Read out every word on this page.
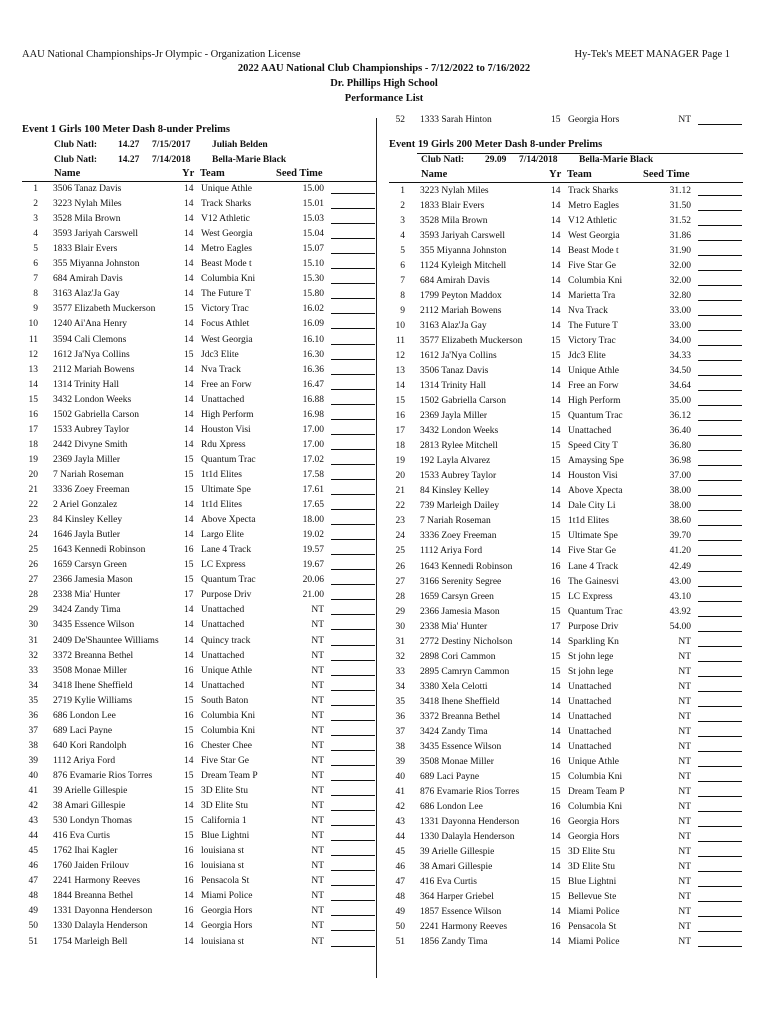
AAU National Championships-Jr Olympic - Organization License	Hy-Tek's MEET MANAGER Page 1
2022 AAU National Club Championships - 7/12/2022 to 7/16/2022
Dr. Phillips High School
Performance List
Event 1 Girls 100 Meter Dash 8-under Prelims
Club Natl: 14.27 7/15/2017 Juliah Belden
Club Natl: 14.27 7/14/2018 Bella-Marie Black
Name	Yr Team	Seed Time
1 3506 Tanaz Davis	14 Unique Athle	15.00
2 3223 Nylah Miles	14 Track Sharks	15.01
3 3528 Mila Brown	14 V12 Athletic	15.03
4 3593 Jariyah Carswell	14 West Georgia	15.04
5 1833 Blair Evers	14 Metro Eagles	15.07
6 355 Miyanna Johnston	14 Beast Mode t	15.10
7 684 Amirah Davis	14 Columbia Kni	15.30
8 3163 Alaz'Ja Gay	14 The Future T	15.80
9 3577 Elizabeth Muckerson	15 Victory Trac	16.02
10 1240 Ai'Ana Henry	14 Focus Athlet	16.09
11 3594 Cali Clemons	14 West Georgia	16.10
12 1612 Ja'Nya Collins	15 Jdc3 Elite	16.30
13 2112 Mariah Bowens	14 Nva Track	16.36
14 1314 Trinity Hall	14 Free an Forw	16.47
15 3432 London Weeks	14 Unattached	16.88
16 1502 Gabriella Carson	14 High Perform	16.98
17 1533 Aubrey Taylor	14 Houston Visi	17.00
18 2442 Divyne Smith	14 Rdu Xpress	17.00
19 2369 Jayla Miller	15 Quantum Trac	17.02
20 7 Nariah Roseman	15 1t1d Elites	17.58
21 3336 Zoey Freeman	15 Ultimate Spe	17.61
22 2 Ariel Gonzalez	14 1t1d Elites	17.65
23 84 Kinsley Kelley	14 Above Xpecta	18.00
24 1646 Jayla Butler	14 Largo Elite	19.02
25 1643 Kennedi Robinson	16 Lane 4 Track	19.57
26 1659 Carsyn Green	15 LC Express	19.67
27 2366 Jamesia Mason	15 Quantum Trac	20.06
28 2338 Mia' Hunter	17 Purpose Driv	21.00
29 3424 Zandy Tima	14 Unattached	NT
30 3435 Essence Wilson	14 Unattached	NT
31 2409 De'Shauntee Williams	14 Quincy track	NT
32 3372 Breanna Bethel	14 Unattached	NT
33 3508 Monae Miller	16 Unique Athle	NT
34 3418 Ihene Sheffield	14 Unattached	NT
35 2719 Kylie Williams	15 South Baton	NT
36 686 London Lee	16 Columbia Kni	NT
37 689 Laci Payne	15 Columbia Kni	NT
38 640 Kori Randolph	16 Chester Chee	NT
39 1112 Ariya Ford	14 Five Star Ge	NT
40 876 Evamarie Rios Torres	15 Dream Team P	NT
41 39 Arielle Gillespie	15 3D Elite Stu	NT
42 38 Amari Gillespie	14 3D Elite Stu	NT
43 530 Londyn Thomas	15 California 1	NT
44 416 Eva Curtis	15 Blue Lightni	NT
45 1762 Ihai Kagler	16 louisiana st	NT
46 1760 Jaiden Frilouv	16 louisiana st	NT
47 2241 Harmony Reeves	16 Pensacola St	NT
48 1844 Breanna Bethel	14 Miami Police	NT
49 1331 Dayonna Henderson	16 Georgia Hors	NT
50 1330 Dalayla Henderson	14 Georgia Hors	NT
51 1754 Marleigh Bell	14 louisiana st	NT
52 1333 Sarah Hinton	15 Georgia Hors	NT
Event 19 Girls 200 Meter Dash 8-under Prelims
Club Natl: 29.09 7/14/2018 Bella-Marie Black
Name	Yr Team	Seed Time
1 3223 Nylah Miles	14 Track Sharks	31.12
2 1833 Blair Evers	14 Metro Eagles	31.50
3 3528 Mila Brown	14 V12 Athletic	31.52
4 3593 Jariyah Carswell	14 West Georgia	31.86
5 355 Miyanna Johnston	14 Beast Mode t	31.90
6 1124 Kyleigh Mitchell	14 Five Star Ge	32.00
7 684 Amirah Davis	14 Columbia Kni	32.00
8 1799 Peyton Maddox	14 Marietta Tra	32.80
9 2112 Mariah Bowens	14 Nva Track	33.00
10 3163 Alaz'Ja Gay	14 The Future T	33.00
11 3577 Elizabeth Muckerson	15 Victory Trac	34.00
12 1612 Ja'Nya Collins	15 Jdc3 Elite	34.33
13 3506 Tanaz Davis	14 Unique Athle	34.50
14 1314 Trinity Hall	14 Free an Forw	34.64
15 1502 Gabriella Carson	14 High Perform	35.00
16 2369 Jayla Miller	15 Quantum Trac	36.12
17 3432 London Weeks	14 Unattached	36.40
18 2813 Rylee Mitchell	15 Speed City T	36.80
19 192 Layla Alvarez	15 Amaysing Spe	36.98
20 1533 Aubrey Taylor	14 Houston Visi	37.00
21 84 Kinsley Kelley	14 Above Xpecta	38.00
22 739 Marleigh Dailey	14 Dale City Li	38.00
23 7 Nariah Roseman	15 1t1d Elites	38.60
24 3336 Zoey Freeman	15 Ultimate Spe	39.70
25 1112 Ariya Ford	14 Five Star Ge	41.20
26 1643 Kennedi Robinson	16 Lane 4 Track	42.49
27 3166 Serenity Segree	16 The Gainesvi	43.00
28 1659 Carsyn Green	15 LC Express	43.10
29 2366 Jamesia Mason	15 Quantum Trac	43.92
30 2338 Mia' Hunter	17 Purpose Driv	54.00
31 2772 Destiny Nicholson	14 Sparkling Kn	NT
32 2898 Cori Cammon	15 St john lege	NT
33 2895 Camryn Cammon	15 St john lege	NT
34 3380 Xela Celotti	14 Unattached	NT
35 3418 Ihene Sheffield	14 Unattached	NT
36 3372 Breanna Bethel	14 Unattached	NT
37 3424 Zandy Tima	14 Unattached	NT
38 3435 Essence Wilson	14 Unattached	NT
39 3508 Monae Miller	16 Unique Athle	NT
40 689 Laci Payne	15 Columbia Kni	NT
41 876 Evamarie Rios Torres	15 Dream Team P	NT
42 686 London Lee	16 Columbia Kni	NT
43 1331 Dayonna Henderson	16 Georgia Hors	NT
44 1330 Dalayla Henderson	14 Georgia Hors	NT
45 39 Arielle Gillespie	15 3D Elite Stu	NT
46 38 Amari Gillespie	14 3D Elite Stu	NT
47 416 Eva Curtis	15 Blue Lightni	NT
48 364 Harper Griebel	15 Bellevue Ste	NT
49 1857 Essence Wilson	14 Miami Police	NT
50 2241 Harmony Reeves	16 Pensacola St	NT
51 1856 Zandy Tima	14 Miami Police	NT
